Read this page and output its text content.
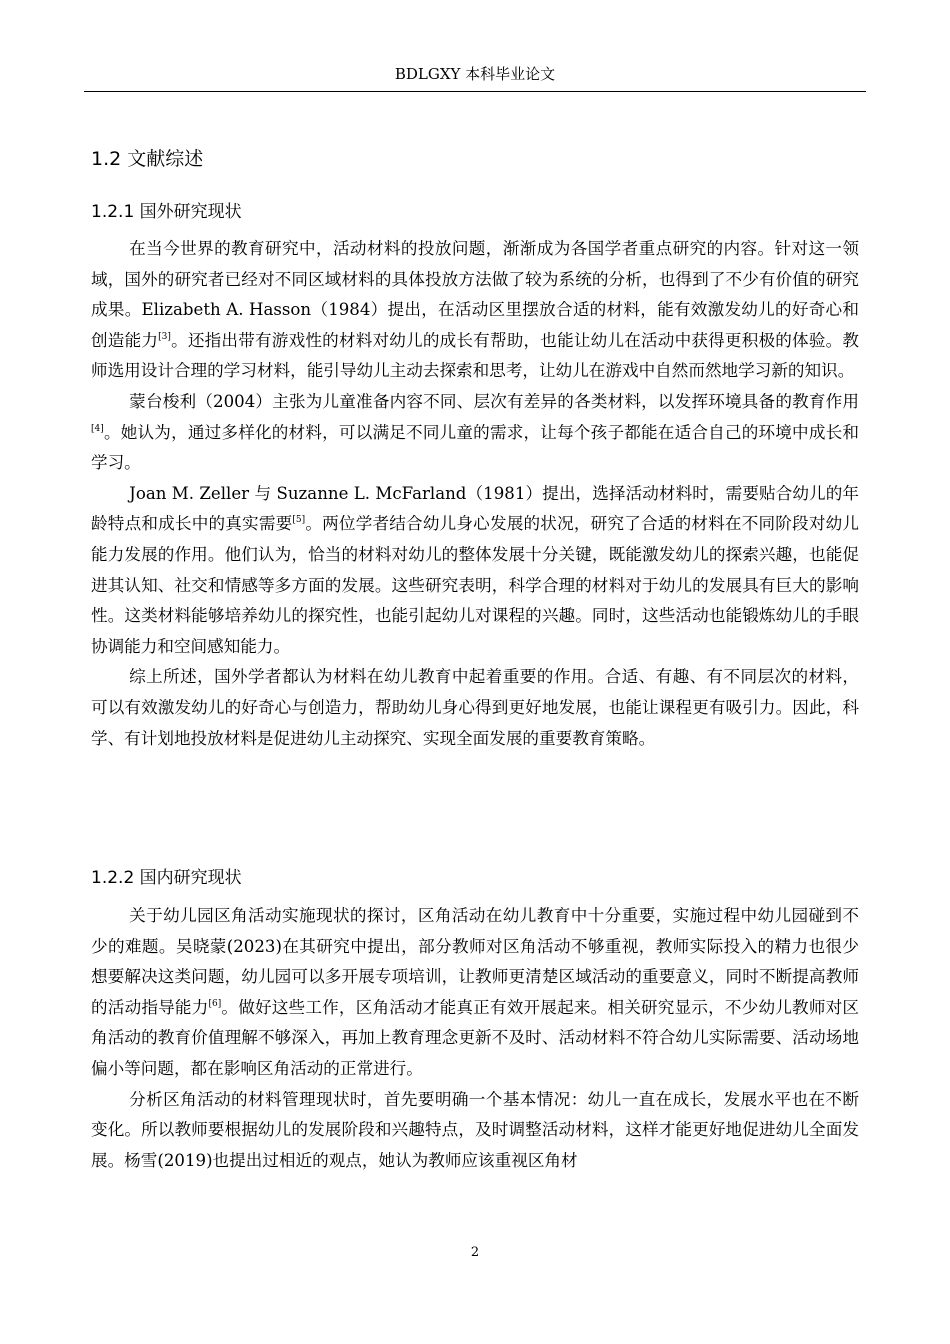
BDLGXY 本科毕业论文
1.2 文献综述
1.2.1 国外研究现状

在当今世界的教育研究中，活动材料的投放问题，渐渐成为各国学者重点研究的内容。针对这一领域，国外的研究者已经对不同区域材料的具体投放方法做了较为系统的分析，也得到了不少有价值的研究成果。Elizabeth A. Hasson（1984）提出，在活动区里摆放合适的材料，能有效激发幼儿的好奇心和创造能力[3]。还指出带有游戏性的材料对幼儿的成长有帮助，也能让幼儿在活动中获得更积极的体验。教师选用设计合理的学习材料，能引导幼儿主动去探索和思考，让幼儿在游戏中自然而然地学习新的知识。

蒙台梭利（2004）主张为儿童准备内容不同、层次有差异的各类材料，以发挥环境具备的教育作用[4]。她认为，通过多样化的材料，可以满足不同儿童的需求，让每个孩子都能在适合自己的环境中成长和学习。

Joan M. Zeller 与 Suzanne L. McFarland（1981）提出，选择活动材料时，需要贴合幼儿的年龄特点和成长中的真实需要[5]。两位学者结合幼儿身心发展的状况，研究了合适的材料在不同阶段对幼儿能力发展的作用。他们认为，恰当的材料对幼儿的整体发展十分关键，既能激发幼儿的探索兴趣，也能促进其认知、社交和情感等多方面的发展。这些研究表明，科学合理的材料对于幼儿的发展具有巨大的影响性。这类材料能够培养幼儿的探究性，也能引起幼儿对课程的兴趣。同时，这些活动也能锻炼幼儿的手眼协调能力和空间感知能力。

综上所述，国外学者都认为材料在幼儿教育中起着重要的作用。合适、有趣、有不同层次的材料，可以有效激发幼儿的好奇心与创造力，帮助幼儿身心得到更好地发展，也能让课程更有吸引力。因此，科学、有计划地投放材料是促进幼儿主动探究、实现全面发展的重要教育策略。

1.2.2 国内研究现状

关于幼儿园区角活动实施现状的探讨，区角活动在幼儿教育中十分重要，实施过程中幼儿园碰到不少的难题。吴晓蒙(2023)在其研究中提出，部分教师对区角活动不够重视，教师实际投入的精力也很少想要解决这类问题，幼儿园可以多开展专项培训，让教师更清楚区域活动的重要意义，同时不断提高教师的活动指导能力[6]。做好这些工作，区角活动才能真正有效开展起来。相关研究显示，不少幼儿教师对区角活动的教育价值理解不够深入，再加上教育理念更新不及时、活动材料不符合幼儿实际需要、活动场地偏小等问题，都在影响区角活动的正常进行。

分析区角活动的材料管理现状时，首先要明确一个基本情况：幼儿一直在成长，发展水平也在不断变化。所以教师要根据幼儿的发展阶段和兴趣特点，及时调整活动材料，这样才能更好地促进幼儿全面发展。杨雪(2019)也提出过相近的观点，她认为教师应该重视区角材

2
